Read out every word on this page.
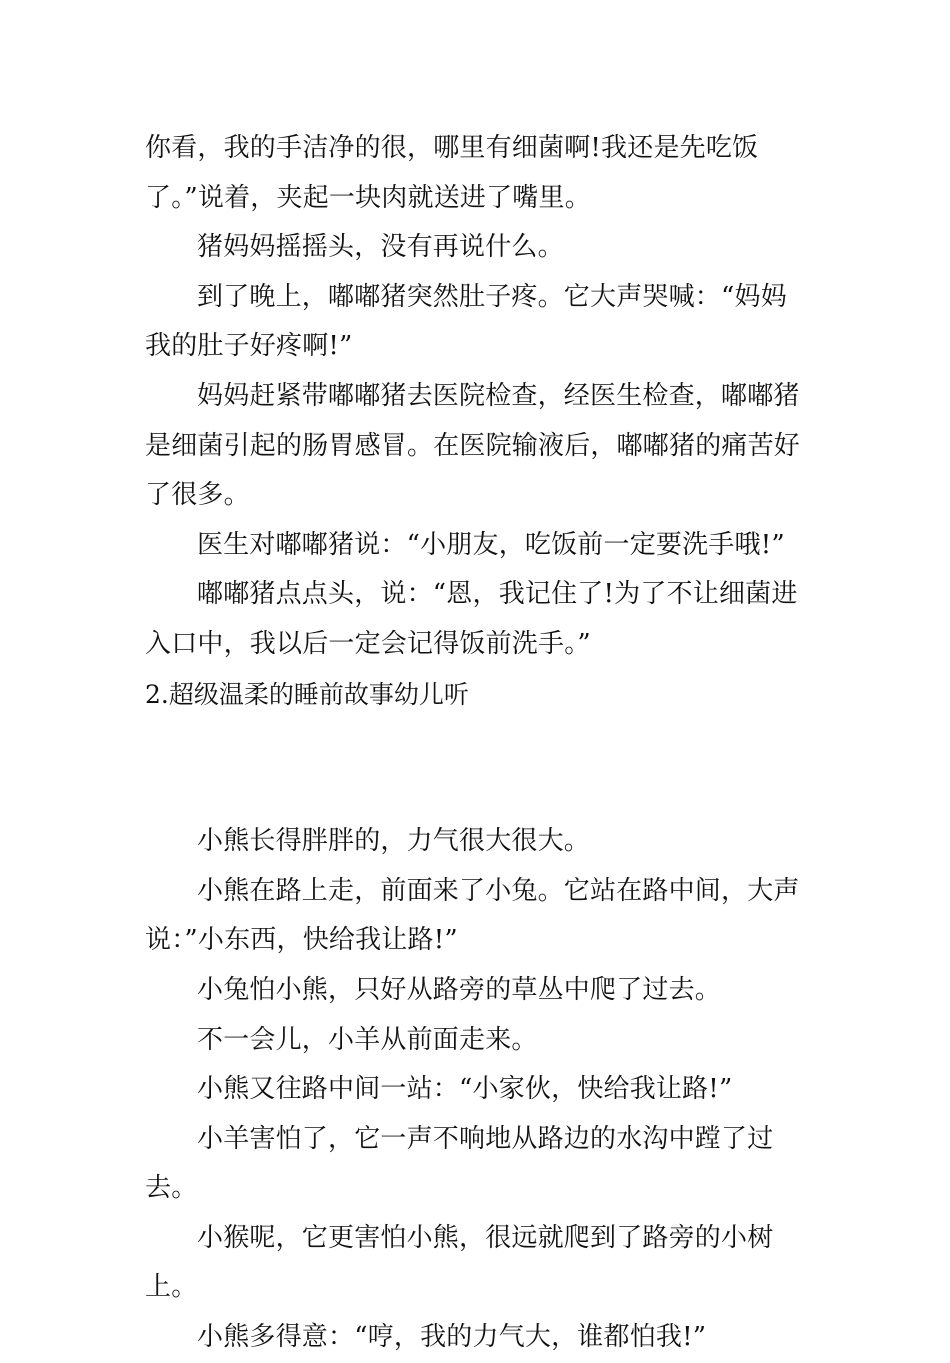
你看，我的手洁净的很，哪里有细菌啊!我还是先吃饭了。”说着，夹起一块肉就送进了嘴里。

猪妈妈摇摇头，没有再说什么。

到了晚上，嘟嘟猪突然肚子疼。它大声哭喊：“妈妈我的肚子好疼啊!”

妈妈赶紧带嘟嘟猪去医院检查，经医生检查，嘟嘟猪是细菌引起的肠胃感冒。在医院输液后，嘟嘟猪的痛苦好了很多。

医生对嘟嘟猪说：“小朋友，吃饭前一定要洗手哦!”

嘟嘟猪点点头，说：“恩，我记住了!为了不让细菌进入口中，我以后一定会记得饭前洗手。”

2.超级温柔的睡前故事幼儿听

小熊长得胖胖的，力气很大很大。

小熊在路上走，前面来了小兔。它站在路中间，大声说：”小东西，快给我让路!”

小兔怕小熊，只好从路旁的草丛中爬了过去。

不一会儿，小羊从前面走来。

小熊又往路中间一站：“小家伙，快给我让路!”

小羊害怕了，它一声不响地从路边的水沟中蹚了过去。

小猴呢，它更害怕小熊，很远就爬到了路旁的小树上。

小熊多得意：“哼，我的力气大，谁都怕我!”
